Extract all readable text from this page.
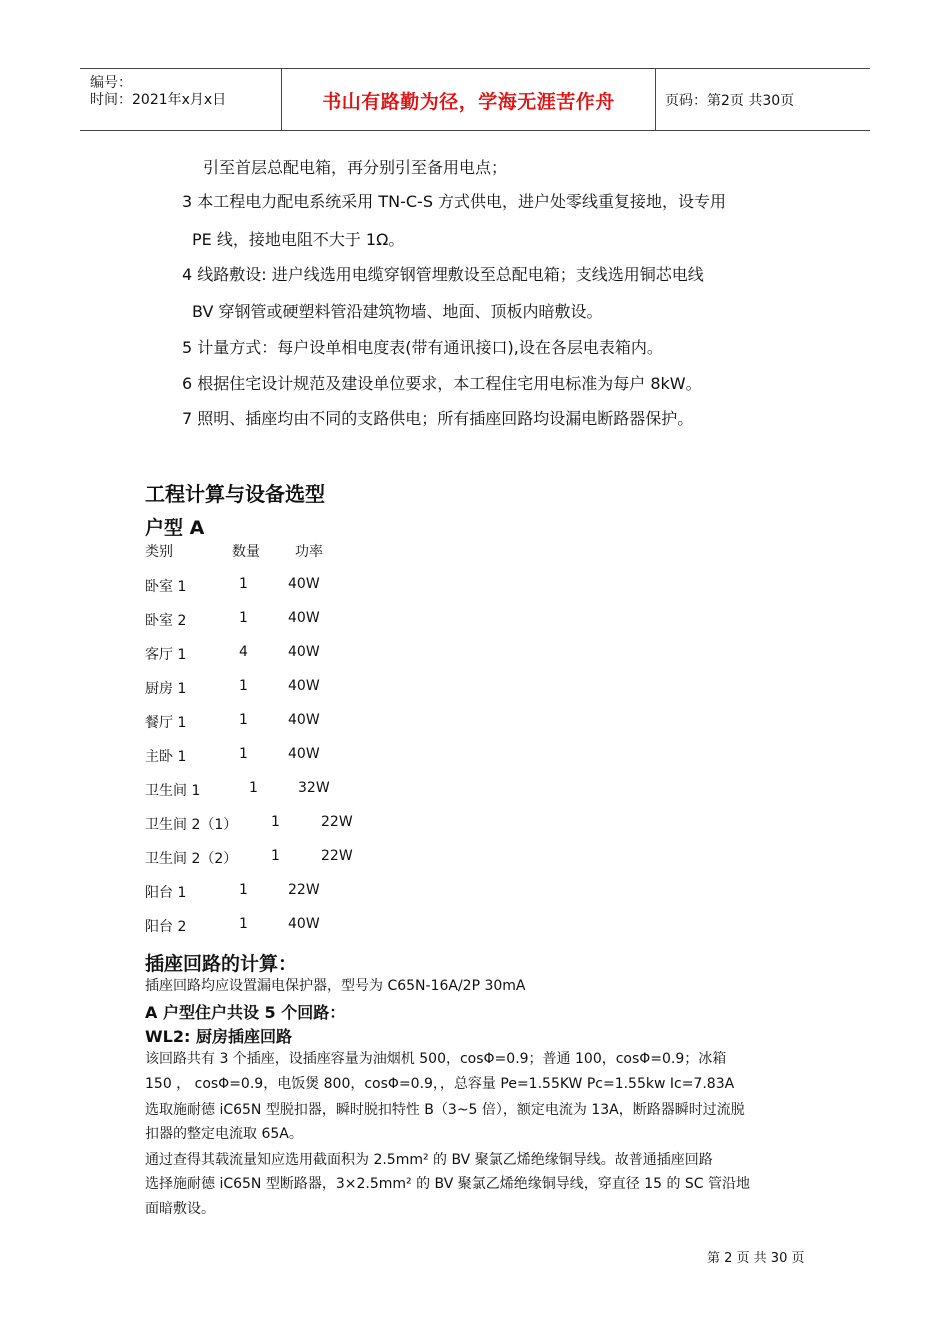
编号：
时间：2021年x月x日	书山有路勤为径，学海无涯苦作舟	页码：第2页 共30页
引至首层总配电箱，再分别引至备用电点；
3 本工程电力配电系统采用 TN-C-S 方式供电，进户处零线重复接地，设专用
PE 线，接地电阻不大于 1Ω。
4 线路敷设: 进户线选用电缆穿钢管埋敷设至总配电箱；支线选用铜芯电线
BV 穿钢管或硬塑料管沿建筑物墙、地面、顶板内暗敷设。
5 计量方式：每户设单相电度表(带有通讯接口),设在各层电表箱内。
6 根据住宅设计规范及建设单位要求，本工程住宅用电标准为每户 8kW。
7 照明、插座均由不同的支路供电；所有插座回路均设漏电断路器保护。
工程计算与设备选型
户型 A
类别	数量	功率
卧室 1	1	40W
卧室 2	1	40W
客厅 1	4	40W
厨房 1	1	40W
餐厅 1	1	40W
主卧 1	1	40W
卫生间 1	1	32W
卫生间 2（1） 1	22W
卫生间 2（2） 1	22W
阳台 1	1	22W
阳台 2	1	40W
插座回路的计算：
插座回路均应设置漏电保护器，型号为 C65N-16A/2P 30mA
A 户型住户共设 5 个回路：
WL2: 厨房插座回路
该回路共有 3 个插座，设插座容量为油烟机 500，cosΦ=0.9；普通 100，cosΦ=0.9；冰箱
150 ， cosΦ=0.9，电饭煲 800，cosΦ=0.9，，总容量 Pe=1.55KW Pc=1.55kw Ic=7.83A
选取施耐德 iC65N 型脱扣器，瞬时脱扣特性 B（3~5 倍），额定电流为 13A，断路器瞬时过流脱
扣器的整定电流取 65A。
通过查得其载流量知应选用截面积为 2.5mm² 的 BV 聚氯乙烯绝缘铜导线。故普通插座回路
选择施耐德 iC65N 型断路器，3×2.5mm² 的 BV 聚氯乙烯绝缘铜导线，穿直径 15 的 SC 管沿地
面暗敷设。
第 2 页 共 30 页
